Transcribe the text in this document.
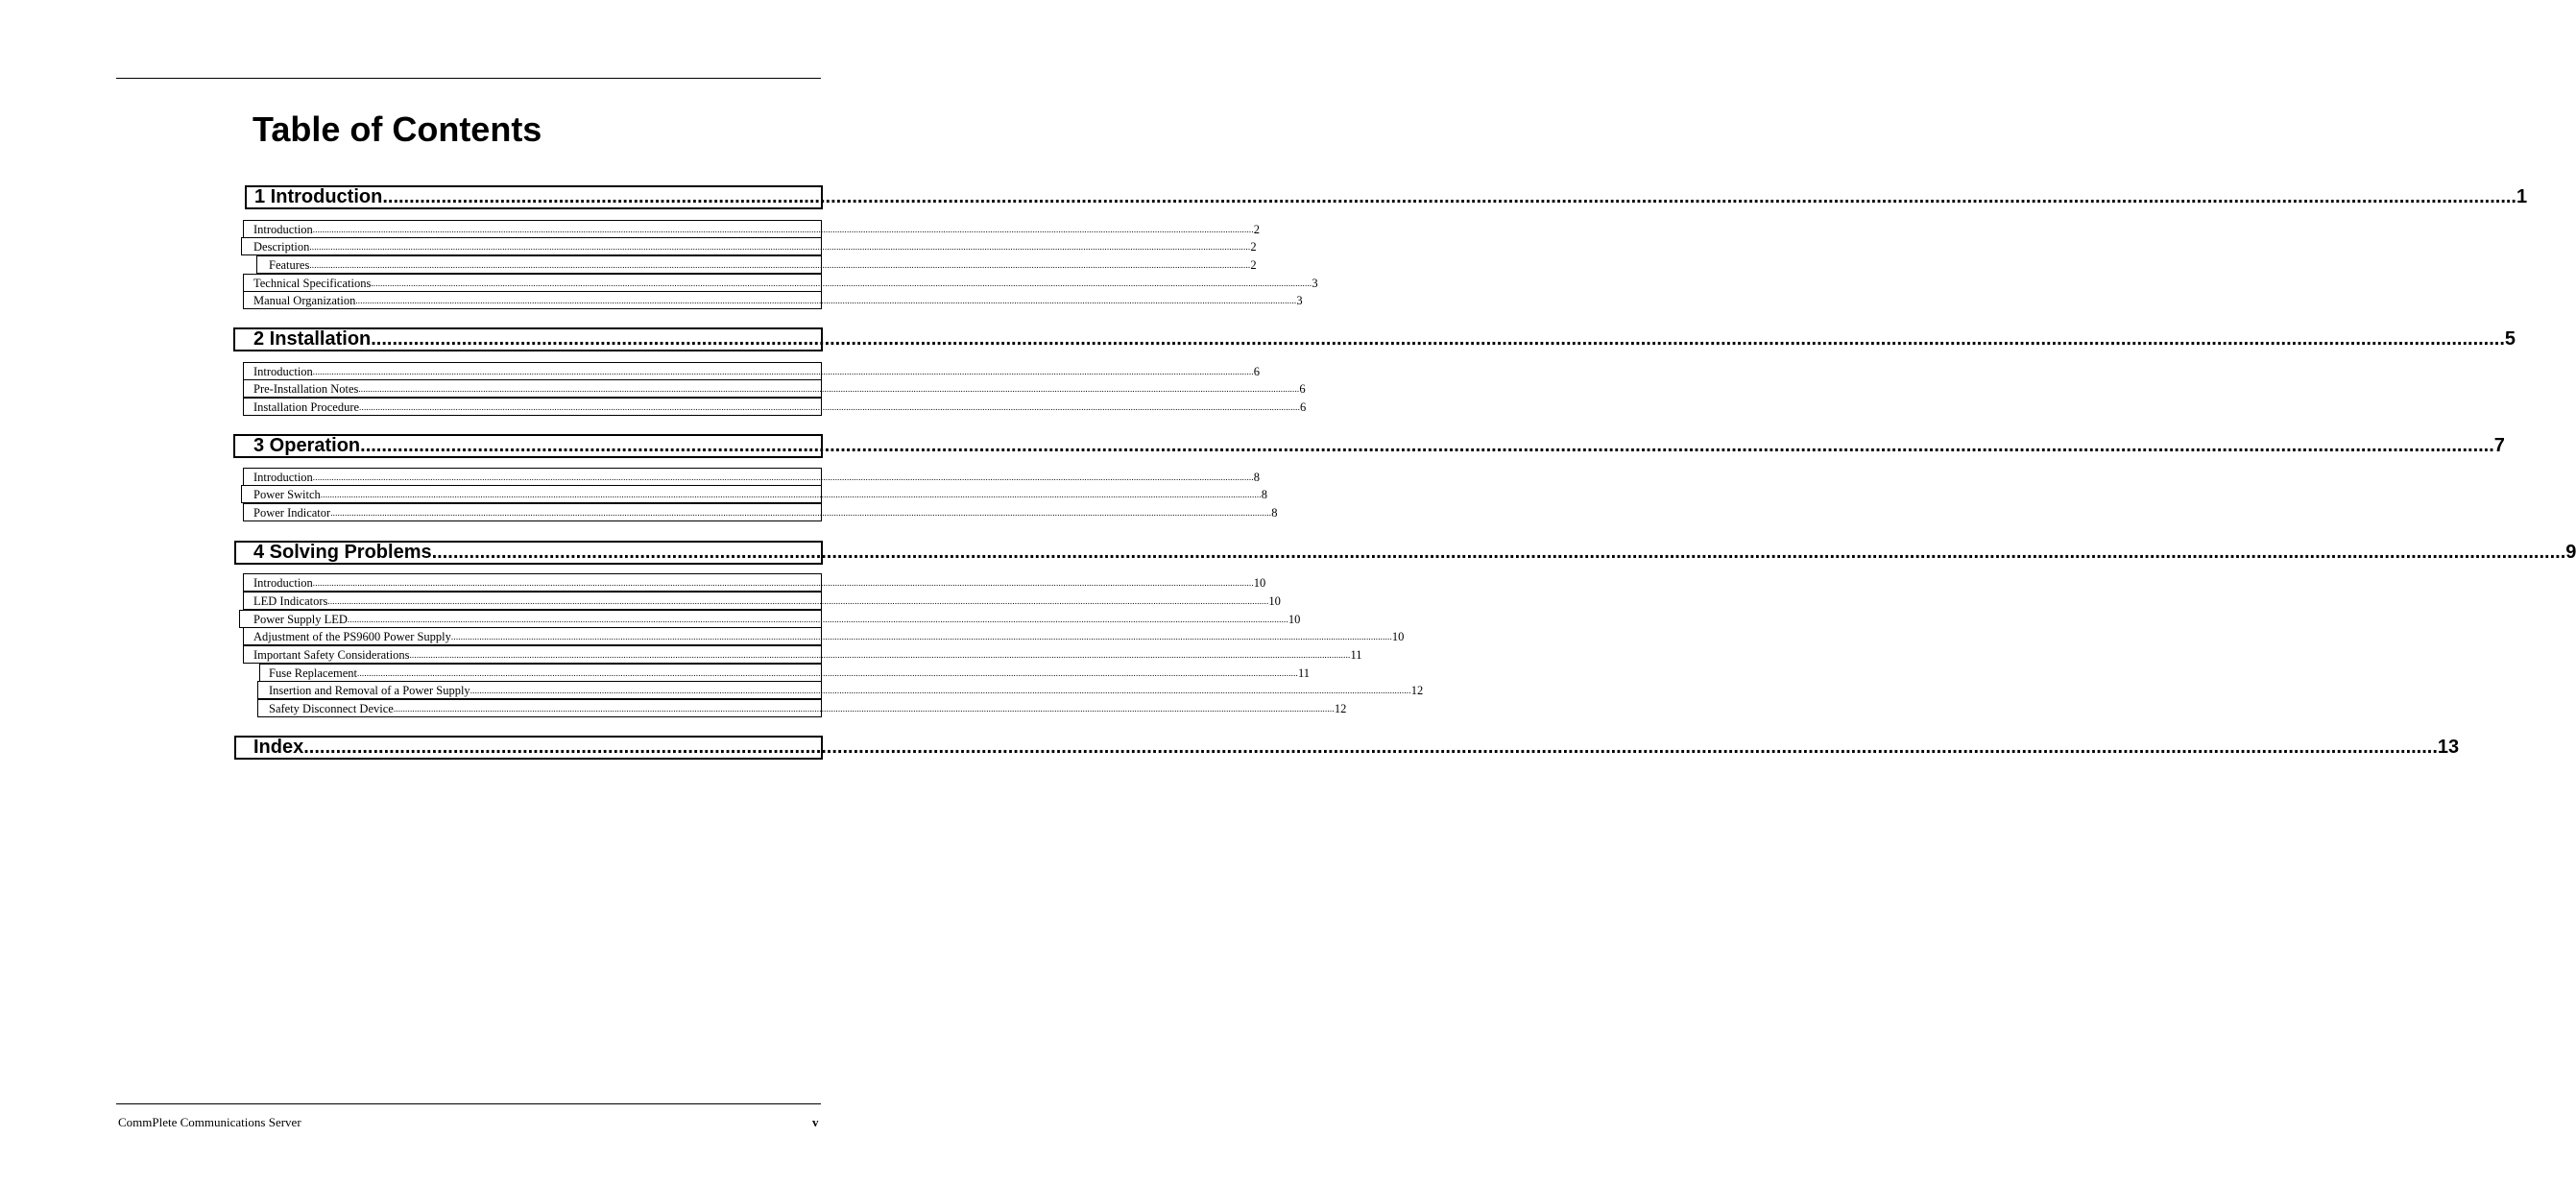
Table of Contents
1 Introduction ................................................................................................................................................................................................................................................................................................................................................................................................................ 1
Introduction ................................................................................................................................................................................................................................................................................................................................................................................................................ 2
Description ................................................................................................................................................................................................................................................................................................................................................................................................................ 2
Features ................................................................................................................................................................................................................................................................................................................................................................................................................ 2
Technical Specifications ................................................................................................................................................................................................................................................................................................................................................................................................................ 3
Manual Organization ................................................................................................................................................................................................................................................................................................................................................................................................................ 3
2 Installation ................................................................................................................................................................................................................................................................................................................................................................................................................ 5
Introduction ................................................................................................................................................................................................................................................................................................................................................................................................................ 6
Pre-Installation Notes ................................................................................................................................................................................................................................................................................................................................................................................................................ 6
Installation Procedure ................................................................................................................................................................................................................................................................................................................................................................................................................ 6
3 Operation ................................................................................................................................................................................................................................................................................................................................................................................................................ 7
Introduction ................................................................................................................................................................................................................................................................................................................................................................................................................ 8
Power Switch ................................................................................................................................................................................................................................................................................................................................................................................................................ 8
Power Indicator ................................................................................................................................................................................................................................................................................................................................................................................................................ 8
4 Solving Problems ................................................................................................................................................................................................................................................................................................................................................................................................................ 9
Introduction ................................................................................................................................................................................................................................................................................................................................................................................................................ 10
LED Indicators ................................................................................................................................................................................................................................................................................................................................................................................................................ 10
Power Supply LED ................................................................................................................................................................................................................................................................................................................................................................................................................ 10
Adjustment of the PS9600 Power Supply ................................................................................................................................................................................................................................................................................................................................................................................................................ 10
Important Safety Considerations ................................................................................................................................................................................................................................................................................................................................................................................................................ 11
Fuse Replacement ................................................................................................................................................................................................................................................................................................................................................................................................................ 11
Insertion and Removal of a Power Supply ................................................................................................................................................................................................................................................................................................................................................................................................................ 12
Safety Disconnect Device ................................................................................................................................................................................................................................................................................................................................................................................................................ 12
Index ................................................................................................................................................................................................................................................................................................................................................................................................................ 13
CommPlete Communications Server	v
